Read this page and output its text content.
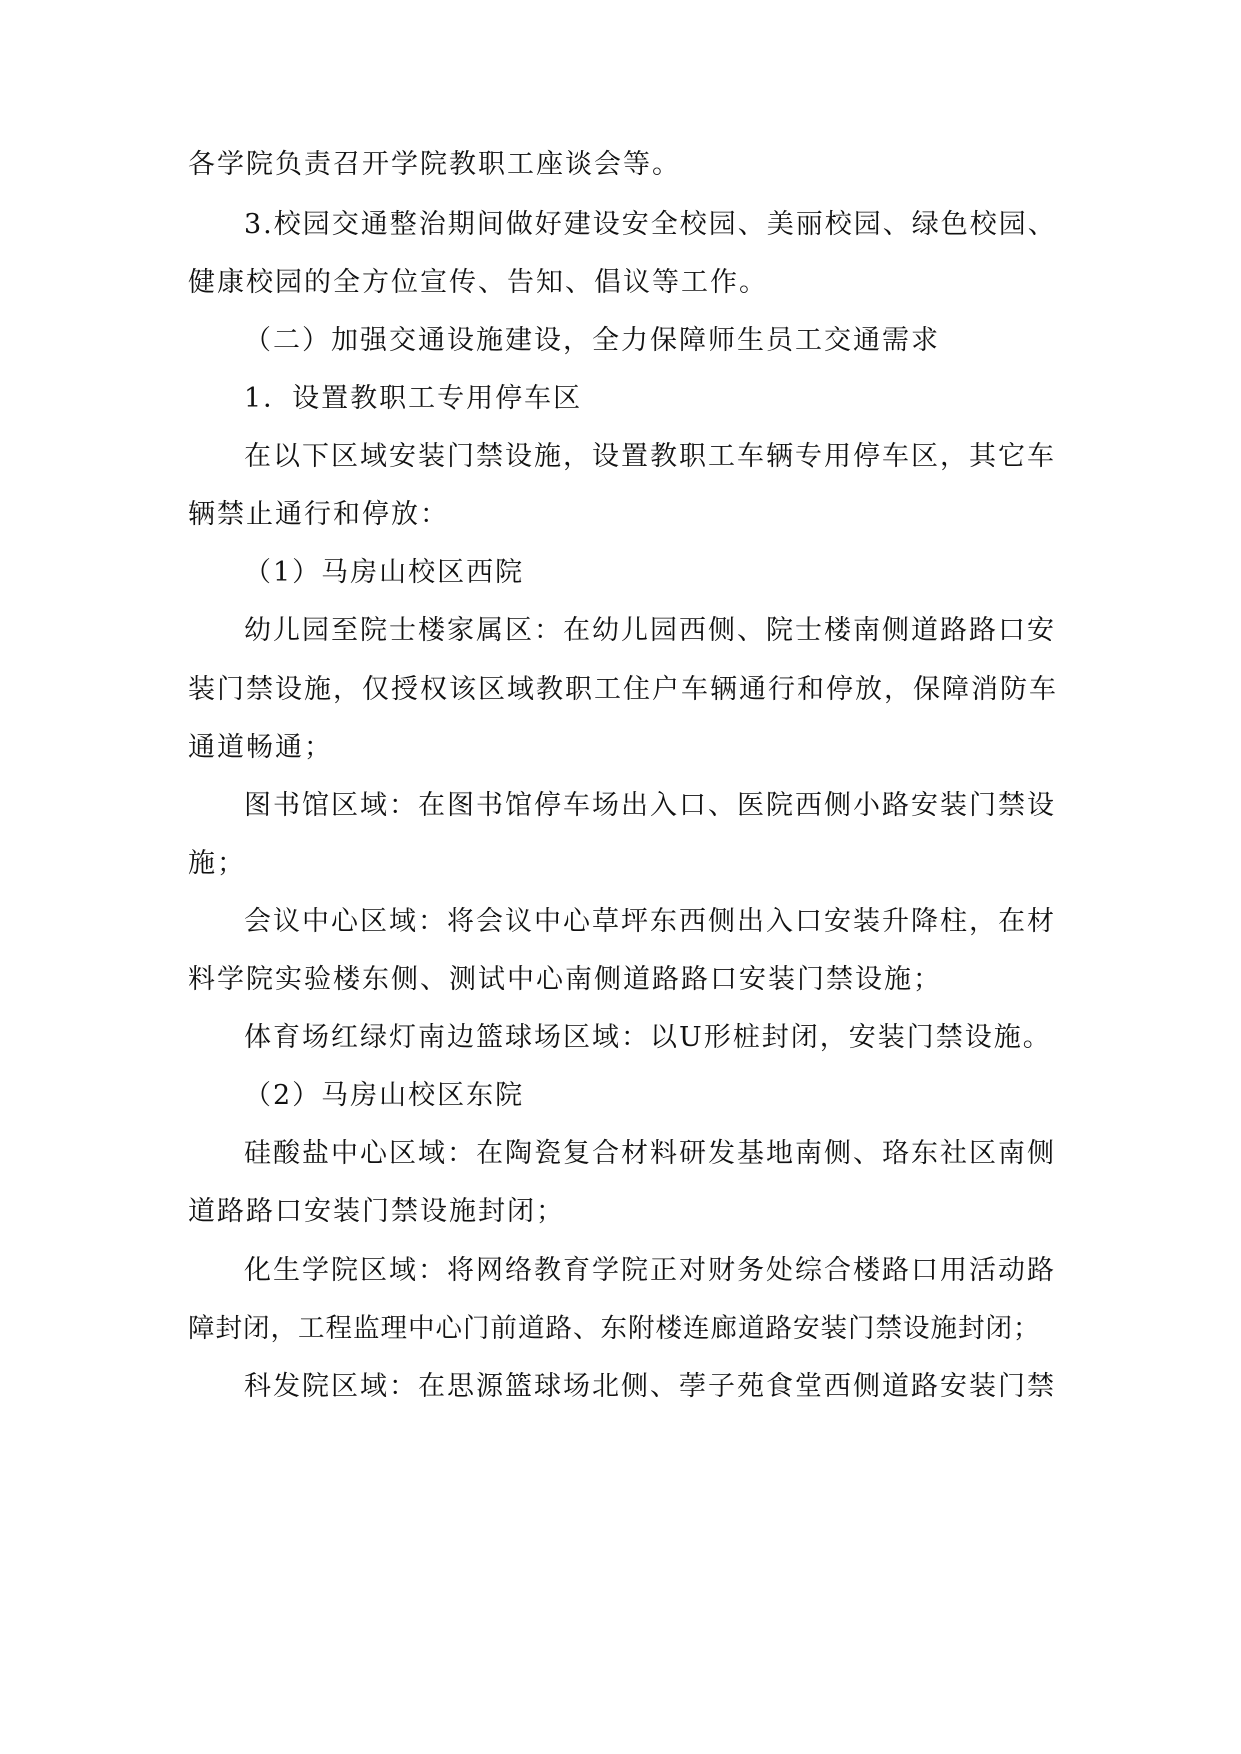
各学院负责召开学院教职工座谈会等。
3.校园交通整治期间做好建设安全校园、美丽校园、绿色校园、
健康校园的全方位宣传、告知、倡议等工作。
（二）加强交通设施建设，全力保障师生员工交通需求
1．设置教职工专用停车区
在以下区域安装门禁设施，设置教职工车辆专用停车区，其它车
辆禁止通行和停放：
（1）马房山校区西院
幼儿园至院士楼家属区：在幼儿园西侧、院士楼南侧道路路口安
装门禁设施，仅授权该区域教职工住户车辆通行和停放，保障消防车
通道畅通；
图书馆区域：在图书馆停车场出入口、医院西侧小路安装门禁设
施；
会议中心区域：将会议中心草坪东西侧出入口安装升降柱，在材
料学院实验楼东侧、测试中心南侧道路路口安装门禁设施；
体育场红绿灯南边篮球场区域：以U形桩封闭，安装门禁设施。
（2）马房山校区东院
硅酸盐中心区域：在陶瓷复合材料研发基地南侧、珞东社区南侧
道路路口安装门禁设施封闭；
化生学院区域：将网络教育学院正对财务处综合楼路口用活动路
障封闭，工程监理中心门前道路、东附楼连廊道路安装门禁设施封闭；
科发院区域：在思源篮球场北侧、荸子苑食堂西侧道路安装门禁
